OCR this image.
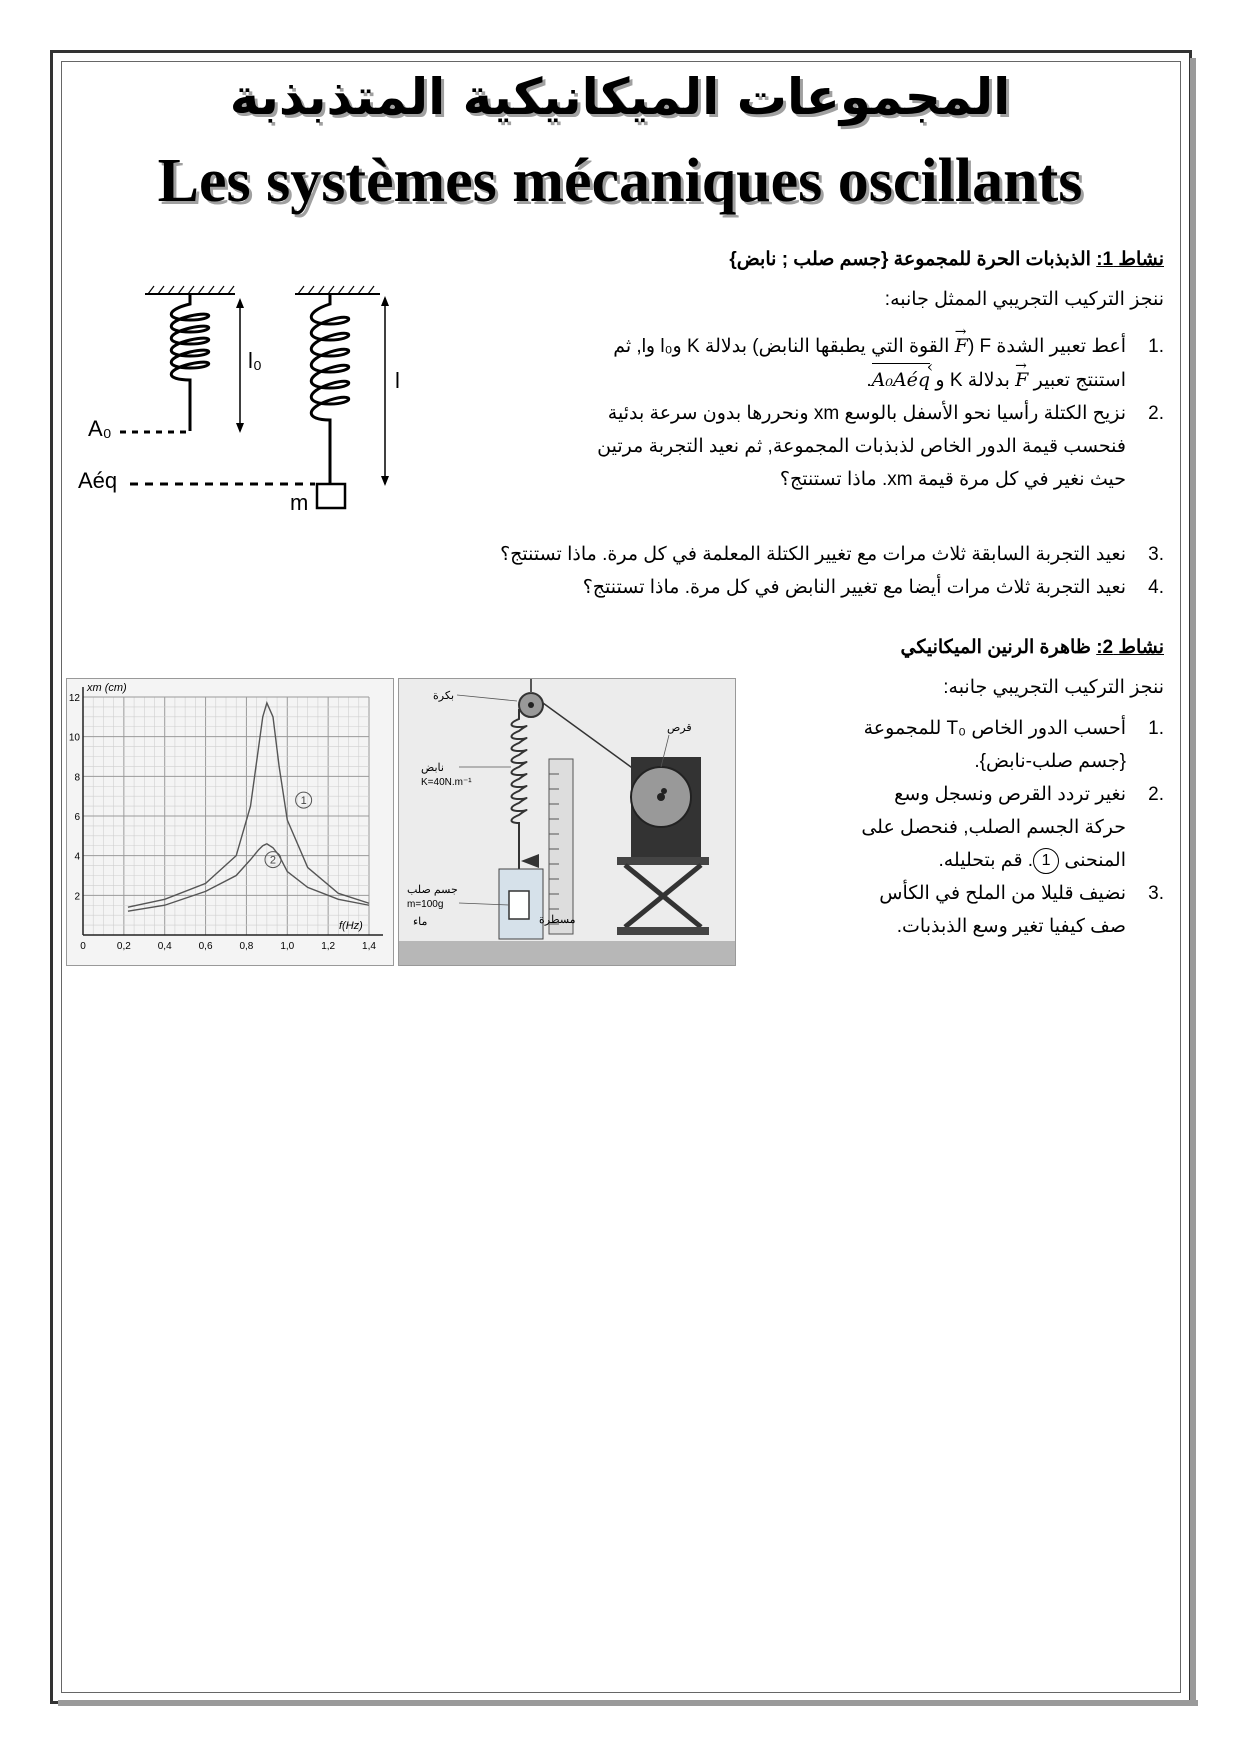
المجموعات الميكانيكية المتذبذبة
Les systèmes mécaniques oscillants
نشاط 1: الذبذبات الحرة للمجموعة {جسم صلب ; نابض}
ننجز التركيب التجريبي الممثل جانبه:
1.
أعط تعبير الشدة F (→ F القوة التي يطبقها النابض) بدلالة K وl₀ وl, ثم
استنتج تعبير → F بدلالة K و A₀Aéq ›.
2.
نزيح الكتلة رأسيا نحو الأسفل بالوسع xm ونحررها بدون سرعة بدئية
فنحسب قيمة الدور الخاص لذبذبات المجموعة, ثم نعيد التجربة مرتين
حيث نغير في كل مرة قيمة xm. ماذا تستنتج؟
3.
نعيد التجربة السابقة ثلاث مرات مع تغيير الكتلة المعلمة في كل مرة. ماذا تستنتج؟
4.
نعيد التجربة ثلاث مرات أيضا مع تغيير النابض في كل مرة. ماذا تستنتج؟
l₀
A₀
m
l
Aéq
نشاط 2: ظاهرة الرنين الميكانيكي
ننجز التركيب التجريبي جانبه:
1.
أحسب الدور الخاص T₀ للمجموعة
{جسم صلب-نابض}.
2.
نغير تردد القرص ونسجل وسع
حركة الجسم الصلب, فنحصل على
المنحنى 1. قم بتحليله.
3.
نضيف قليلا من الملح في الكأس
صف كيفيا تغير وسع الذبذبات.
بكرة
نابض
K=40N.m⁻¹
قرص
جسم صلب
m=100g
ماء	مسطرة
0	0,2	0,4	0,6	0,8	1,0	1,2	1,4
2
4
6
8
10
12
1
2
f(Hz)
xm (cm)
